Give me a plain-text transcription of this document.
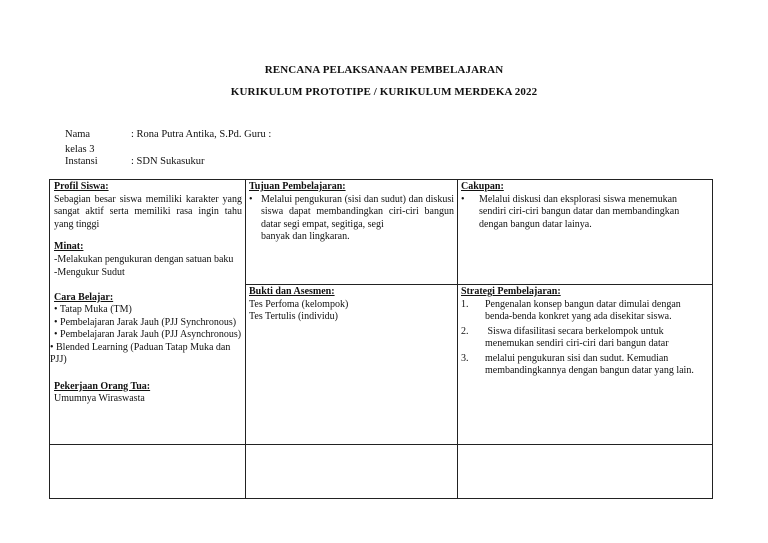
RENCANA PELAKSANAAN PEMBELAJARAN
KURIKULUM PROTOTIPE / KURIKULUM MERDEKA 2022
Nama	: Rona Putra Antika, S.Pd. Guru :
kelas 3
Instansi	: SDN Sukasukur

Profil Siswa:

Sebagian besar siswa memiliki karakter yang sangat aktif serta memiliki rasa ingin tahu yang tinggi

Minat:

-Melakukan pengukuran dengan satuan baku

-Mengukur Sudut

Cara Belajar:

• Tatap Muka (TM)

• Pembelajaran Jarak Jauh (PJJ Synchronous)

• Pembelajaran Jarak Jauh (PJJ Asynchronous)

• Blended Learning (Paduan Tatap Muka dan PJJ)

Pekerjaan Orang Tua:

Umumnya Wiraswasta

Tujuan Pembelajaran:

• Melalui pengukuran (sisi dan sudut) dan diskusi siswa dapat membandingkan ciri-ciri bangun datar segi empat, segitiga, segi

banyak dan lingkaran.

Cakupan:

•	Melalui diskusi dan eksplorasi siswa menemukan sendiri ciri-ciri bangun datar dan membandingkan dengan bangun datar lainya.

Bukti dan Asesmen:

Tes Perfoma (kelompok)

Tes Tertulis (individu)

Strategi Pembelajaran:

1.	Pengenalan konsep bangun datar dimulai dengan benda-benda konkret yang ada disekitar siswa.
2.	Siswa difasilitasi secara berkelompok untuk menemukan sendiri ciri-ciri dari bangun datar
3.	melalui pengukuran sisi dan sudut. Kemudian membandingkannya dengan bangun datar yang lain.
